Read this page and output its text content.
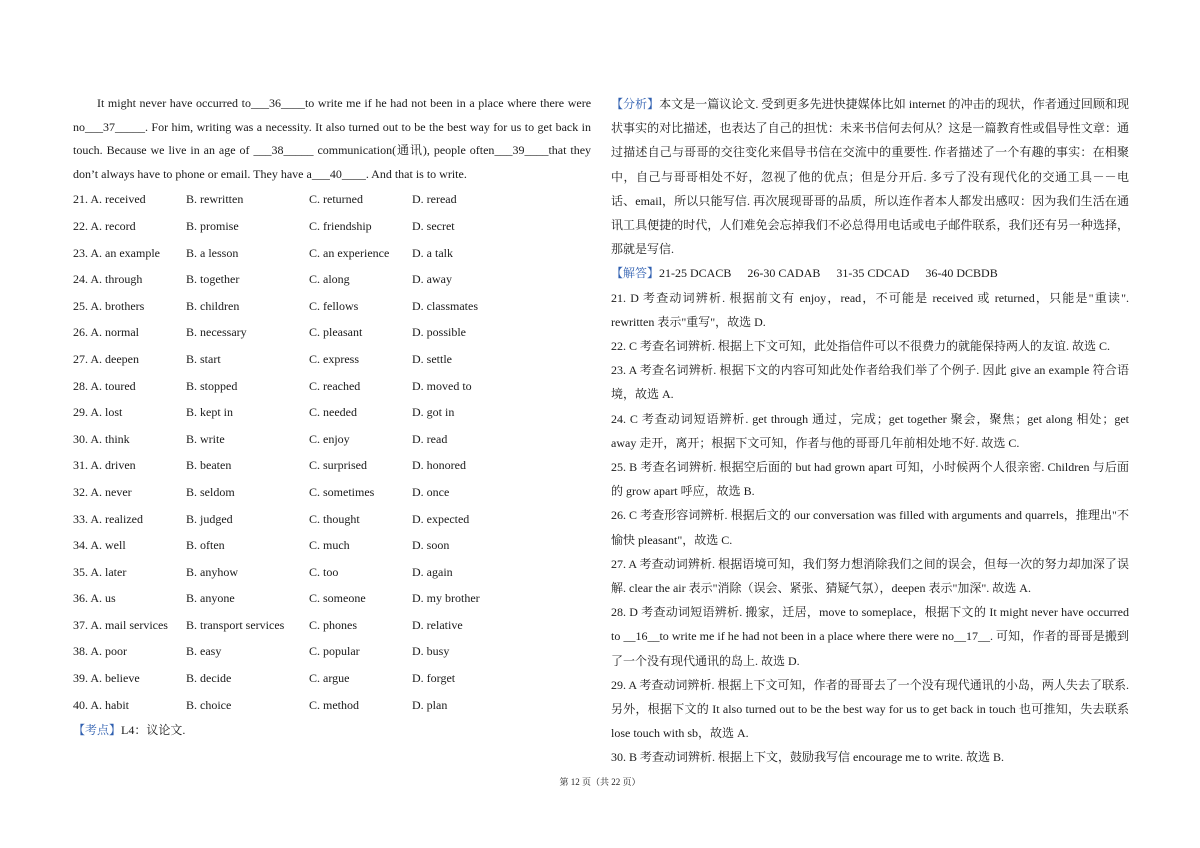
It might never have occurred to___36____to write me if he had not been in a place where there were no___37_____. For him, writing was a necessity. It also turned out to be the best way for us to get back in touch. Because we live in an age of ___38_____ communication(通讯), people often___39____that they don’t always have to phone or email. They have a___40____. And that is to write.
21. A. received	B. rewritten	C. returned	D. reread
22. A. record	B. promise	C. friendship	D. secret
23. A. an example B. a lesson	C. an experience D. a talk
24. A. through	B. together	C. along	D. away
25. A. brothers	B. children	C. fellows	D. classmates
26. A. normal	B. necessary	C. pleasant	D. possible
27. A. deepen	B. start	C. express	D. settle
28. A. toured	B. stopped	C. reached	D. moved to
29. A. lost	B. kept in	C. needed	D. got in
30. A. think	B. write	C. enjoy	D. read
31. A. driven	B. beaten	C. surprised	D. honored
32. A. never	B. seldom	C. sometimes	D. once
33. A. realized	B. judged	C. thought	D. expected
34. A. well	B. often	C. much	D. soon
35. A. later	B. anyhow	C. too	D. again
36. A. us	B. anyone	C. someone	D. my brother
37. A. mail services B. transport services C. phones	D. relative
38. A. poor	B. easy	C. popular	D. busy
39. A. believe	B. decide	C. argue	D. forget
40. A. habit	B. choice	C. method	D. plan
【考点】L4：议论文.

【分析】本文是一篇议论文. 受到更多先进快捷媒体比如 internet 的冲击的现状，作者通过回顾和现状事实的对比描述，也表达了自己的担忧：未来书信何去何从？这是一篇教育性或倡导性文章：通过描述自己与哥哥的交往变化来倡导书信在交流中的重要性. 作者描述了一个有趣的事实：在相聚中，自己与哥哥相处不好，忽视了他的优点；但是分开后. 多亏了没有现代化的交通工具－－电话、email，所以只能写信. 再次展现哥哥的品质，所以连作者本人都发出感叹：因为我们生活在通讯工具便捷的时代，人们难免会忘掉我们不必总得用电话或电子邮件联系，我们还有另一种选择，那就是写信.

【解答】21-25 DCACB 26-30 CADAB 31-35 CDCAD 36-40 DCBDB

21. D 考查动词辨析. 根据前文有 enjoy，read，不可能是 received 或 returned，只能是"重读". rewritten 表示"重写"，故选 D.

22. C 考查名词辨析. 根据上下文可知，此处指信件可以不很费力的就能保持两人的友谊. 故选 C.

23. A 考查名词辨析. 根据下文的内容可知此处作者给我们举了个例子. 因此 give an example 符合语境，故选 A.

24. C 考查动词短语辨析. get through 通过，完成；get together 聚会，聚焦；get along 相处；get away 走开，离开；根据下文可知，作者与他的哥哥几年前相处地不好. 故选 C.

25. B 考查名词辨析. 根据空后面的 but had grown apart 可知，小时候两个人很亲密. Children 与后面的 grow apart 呼应，故选 B.

26. C 考查形容词辨析. 根据后文的 our conversation was filled with arguments and quarrels，推理出"不愉快 pleasant"，故选 C.

27. A 考查动词辨析. 根据语境可知，我们努力想消除我们之间的误会，但每一次的努力却加深了误解. clear the air 表示"消除（误会、紧张、猜疑气氛），deepen 表示"加深". 故选 A.

28. D 考查动词短语辨析. 搬家，迁居，move to someplace，根据下文的 It might never have occurred to __16__to write me if he had not been in a place where there were no__17__. 可知，作者的哥哥是搬到了一个没有现代通讯的岛上. 故选 D.

29. A 考查动词辨析. 根据上下文可知，作者的哥哥去了一个没有现代通讯的小岛，两人失去了联系. 另外，根据下文的 It also turned out to be the best way for us to get back in touch 也可推知，失去联系 lose touch with sb，故选 A.

30. B 考查动词辨析. 根据上下文，鼓励我写信 encourage me to write. 故选 B.

第 12 页（共 22 页）
